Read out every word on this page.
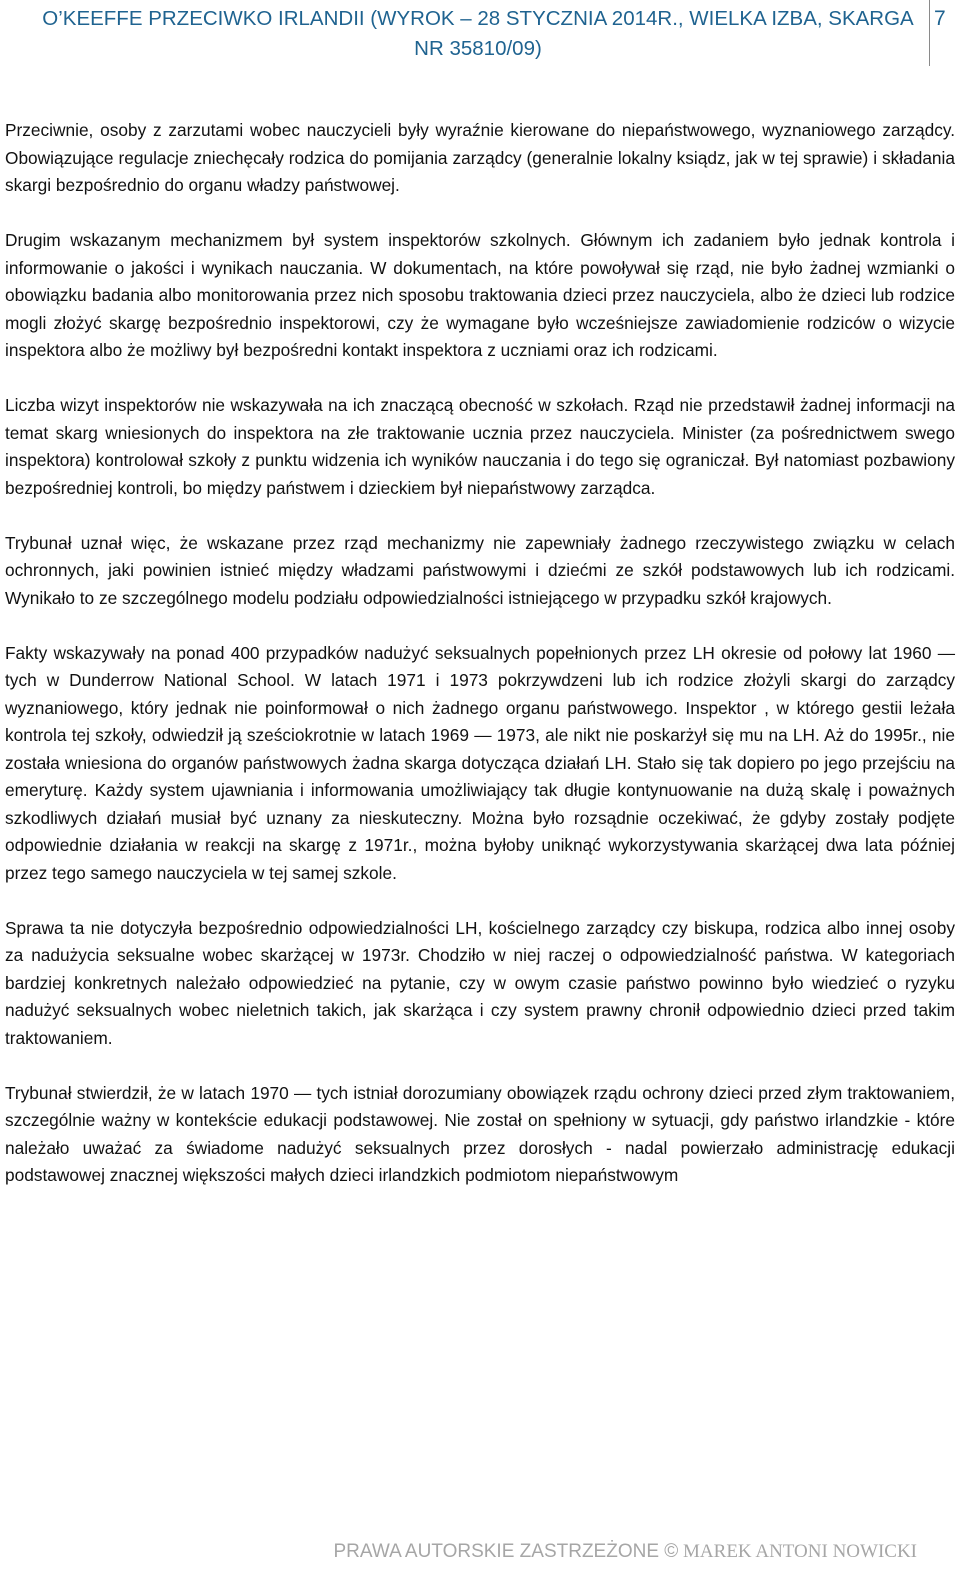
O’KEEFFE PRZECIWKO IRLANDII (WYROK – 28 STYCZNIA 2014R., WIELKA IZBA, SKARGA NR 35810/09)
7

Przeciwnie, osoby z zarzutami wobec nauczycieli były wyraźnie kierowane do niepaństwowego, wyznaniowego zarządcy. Obowiązujące regulacje zniechęcały rodzica do pomijania zarządcy (generalnie lokalny ksiądz, jak w tej sprawie) i składania skargi bezpośrednio do organu władzy państwowej.

Drugim wskazanym mechanizmem był system inspektorów szkolnych. Głównym ich zadaniem było jednak kontrola i informowanie o jakości i wynikach nauczania. W dokumentach, na które powoływał się rząd, nie było żadnej wzmianki o obowiązku badania albo monitorowania przez nich sposobu traktowania dzieci przez nauczyciela, albo że dzieci lub rodzice mogli złożyć skargę bezpośrednio inspektorowi, czy że wymagane było wcześniejsze zawiadomienie rodziców o wizycie inspektora albo że możliwy był bezpośredni kontakt inspektora z uczniami oraz ich rodzicami.

Liczba wizyt inspektorów nie wskazywała na ich znaczącą obecność w szkołach. Rząd nie przedstawił żadnej informacji na temat skarg wniesionych do inspektora na złe traktowanie ucznia przez nauczyciela. Minister (za pośrednictwem swego inspektora) kontrolował szkoły z punktu widzenia ich wyników nauczania i do tego się ograniczał. Był natomiast pozbawiony bezpośredniej kontroli, bo między państwem i dzieckiem był niepaństwowy zarządca.

Trybunał uznał więc, że wskazane przez rząd mechanizmy nie zapewniały żadnego rzeczywistego związku w celach ochronnych, jaki powinien istnieć między władzami państwowymi i dziećmi ze szkół podstawowych lub ich rodzicami. Wynikało to ze szczególnego modelu podziału odpowiedzialności istniejącego w przypadku szkół krajowych.

Fakty wskazywały na ponad 400 przypadków nadużyć seksualnych popełnionych przez LH okresie od połowy lat 1960 — tych w Dunderrow National School. W latach 1971 i 1973 pokrzywdzeni lub ich rodzice złożyli skargi do zarządcy wyznaniowego, który jednak nie poinformował o nich żadnego organu państwowego. Inspektor , w którego gestii leżała kontrola tej szkoły, odwiedził ją sześciokrotnie w latach 1969 — 1973, ale nikt nie poskarżył się mu na LH. Aż do 1995r., nie została wniesiona do organów państwowych żadna skarga dotycząca działań LH. Stało się tak dopiero po jego przejściu na emeryturę. Każdy system ujawniania i informowania umożliwiający tak długie kontynuowanie na dużą skalę i poważnych szkodliwych działań musiał być uznany za nieskuteczny. Można było rozsądnie oczekiwać, że gdyby zostały podjęte odpowiednie działania w reakcji na skargę z 1971r., można byłoby uniknąć wykorzystywania skarżącej dwa lata później przez tego samego nauczyciela w tej samej szkole.

Sprawa ta nie dotyczyła bezpośrednio odpowiedzialności LH, kościelnego zarządcy czy biskupa, rodzica albo innej osoby za nadużycia seksualne wobec skarżącej w 1973r. Chodziło w niej raczej o odpowiedzialność państwa. W kategoriach bardziej konkretnych należało odpowiedzieć na pytanie, czy w owym czasie państwo powinno było wiedzieć o ryzyku nadużyć seksualnych wobec nieletnich takich, jak skarżąca i czy system prawny chronił odpowiednio dzieci przed takim traktowaniem.

Trybunał stwierdził, że w latach 1970 — tych istniał dorozumiany obowiązek rządu ochrony dzieci przed złym traktowaniem, szczególnie ważny w kontekście edukacji podstawowej. Nie został on spełniony w sytuacji, gdy państwo irlandzkie - które należało uważać za świadome nadużyć seksualnych przez dorosłych - nadal powierzało administrację edukacji podstawowej znacznej większości małych dzieci irlandzkich podmiotom niepaństwowym

PRAWA AUTORSKIE ZASTRZEŻONE © MAREK ANTONI NOWICKI
